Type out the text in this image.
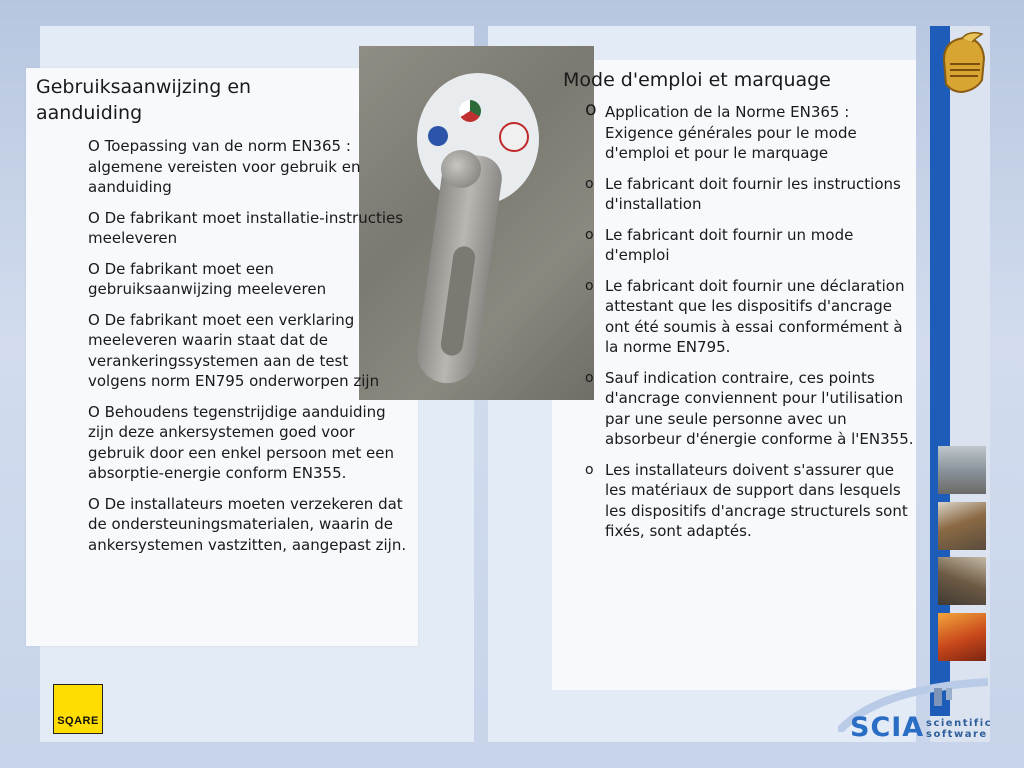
Gebruiksaanwijzing en aanduiding
O Toepassing van de norm EN365 : algemene vereisten voor gebruik en aanduiding
O De fabrikant moet installatie-instructies meeleveren
O De fabrikant moet een gebruiksaanwijzing meeleveren
O De fabrikant moet een verklaring meeleveren waarin staat dat de verankeringssystemen aan de test volgens norm EN795 onderworpen zijn
O Behoudens tegenstrijdige aanduiding zijn deze ankersystemen goed voor gebruik door een enkel persoon met een absorptie-energie conform EN355.
O De installateurs moeten verzekeren dat de ondersteuningsmaterialen, waarin de ankersystemen vastzitten, aangepast zijn.
Mode d'emploi et marquage
o Application de la Norme EN365 : Exigence générales pour le mode d'emploi et pour le marquage
o Le fabricant doit fournir les instructions d'installation
o Le fabricant doit fournir un mode d'emploi
o Le fabricant doit fournir une déclaration attestant que les dispositifs d'ancrage ont été soumis à essai conformément à la norme EN795.
o Sauf indication contraire, ces points d'ancrage conviennent pour l'utilisation par une seule personne avec un absorbeur d'énergie conforme à l'EN355.
o Les installateurs doivent s'assurer que les matériaux de support dans lesquels les dispositifs d'ancrage structurels sont fixés, sont adaptés.
SQARE	SCIA scientific
software
